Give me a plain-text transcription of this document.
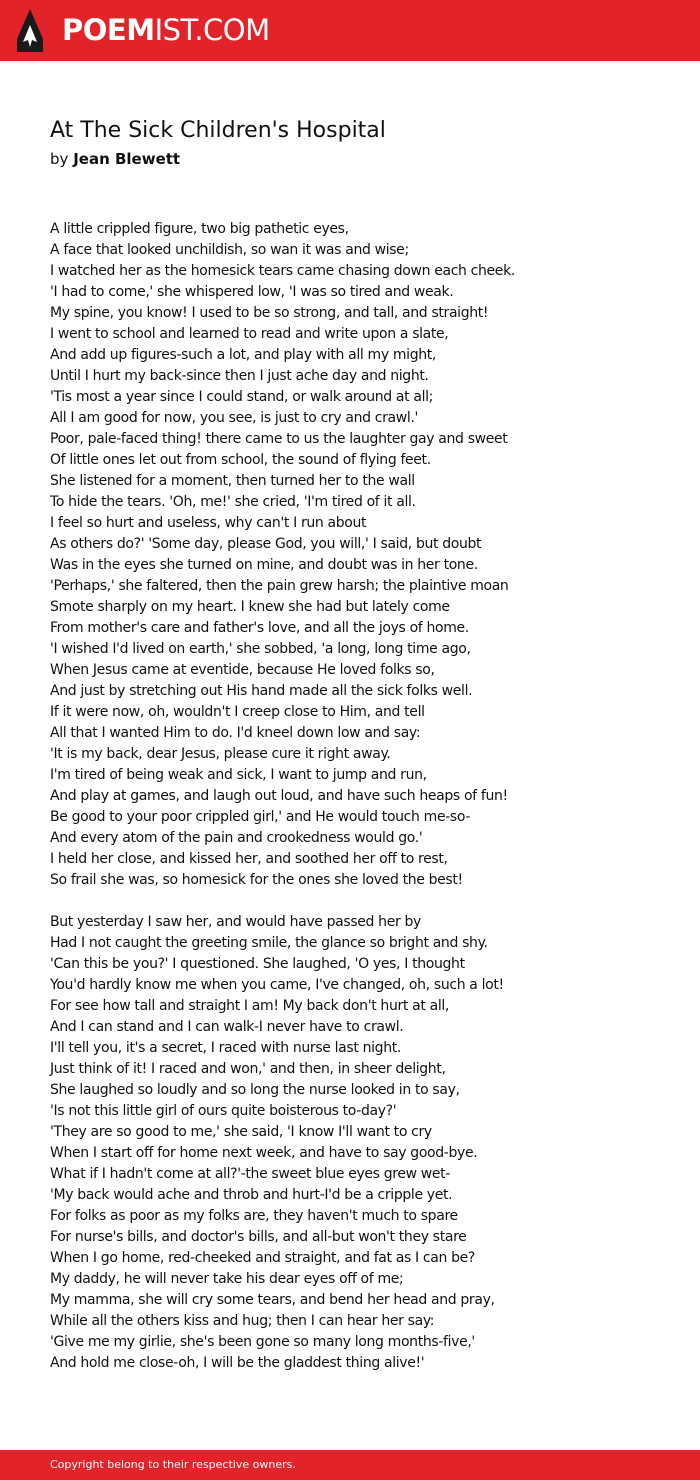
POEMIST.COM
At The Sick Children's Hospital
by Jean Blewett
A little crippled figure, two big pathetic eyes,
A face that looked unchildish, so wan it was and wise;
I watched her as the homesick tears came chasing down each cheek.
'I had to come,' she whispered low, 'I was so tired and weak.
My spine, you know! I used to be so strong, and tall, and straight!
I went to school and learned to read and write upon a slate,
And add up figures-such a lot, and play with all my might,
Until I hurt my back-since then I just ache day and night.
'Tis most a year since I could stand, or walk around at all;
All I am good for now, you see, is just to cry and crawl.'
Poor, pale-faced thing! there came to us the laughter gay and sweet
Of little ones let out from school, the sound of flying feet.
She listened for a moment, then turned her to the wall
To hide the tears. 'Oh, me!' she cried, 'I'm tired of it all.
I feel so hurt and useless, why can't I run about
As others do?' 'Some day, please God, you will,' I said, but doubt
Was in the eyes she turned on mine, and doubt was in her tone.
'Perhaps,' she faltered, then the pain grew harsh; the plaintive moan
Smote sharply on my heart. I knew she had but lately come
From mother's care and father's love, and all the joys of home.
'I wished I'd lived on earth,' she sobbed, 'a long, long time ago,
When Jesus came at eventide, because He loved folks so,
And just by stretching out His hand made all the sick folks well.
If it were now, oh, wouldn't I creep close to Him, and tell
All that I wanted Him to do. I'd kneel down low and say:
'It is my back, dear Jesus, please cure it right away.
I'm tired of being weak and sick, I want to jump and run,
And play at games, and laugh out loud, and have such heaps of fun!
Be good to your poor crippled girl,' and He would touch me-so-
And every atom of the pain and crookedness would go.'
I held her close, and kissed her, and soothed her off to rest,
So frail she was, so homesick for the ones she loved the best!
But yesterday I saw her, and would have passed her by
Had I not caught the greeting smile, the glance so bright and shy.
'Can this be you?' I questioned. She laughed, 'O yes, I thought
You'd hardly know me when you came, I've changed, oh, such a lot!
For see how tall and straight I am! My back don't hurt at all,
And I can stand and I can walk-I never have to crawl.
I'll tell you, it's a secret, I raced with nurse last night.
Just think of it! I raced and won,' and then, in sheer delight,
She laughed so loudly and so long the nurse looked in to say,
'Is not this little girl of ours quite boisterous to-day?'
'They are so good to me,' she said, 'I know I'll want to cry
When I start off for home next week, and have to say good-bye.
What if I hadn't come at all?'-the sweet blue eyes grew wet-
'My back would ache and throb and hurt-I'd be a cripple yet.
For folks as poor as my folks are, they haven't much to spare
For nurse's bills, and doctor's bills, and all-but won't they stare
When I go home, red-cheeked and straight, and fat as I can be?
My daddy, he will never take his dear eyes off of me;
My mamma, she will cry some tears, and bend her head and pray,
While all the others kiss and hug; then I can hear her say:
'Give me my girlie, she's been gone so many long months-five,'
And hold me close-oh, I will be the gladdest thing alive!'
Copyright belong to their respective owners.
